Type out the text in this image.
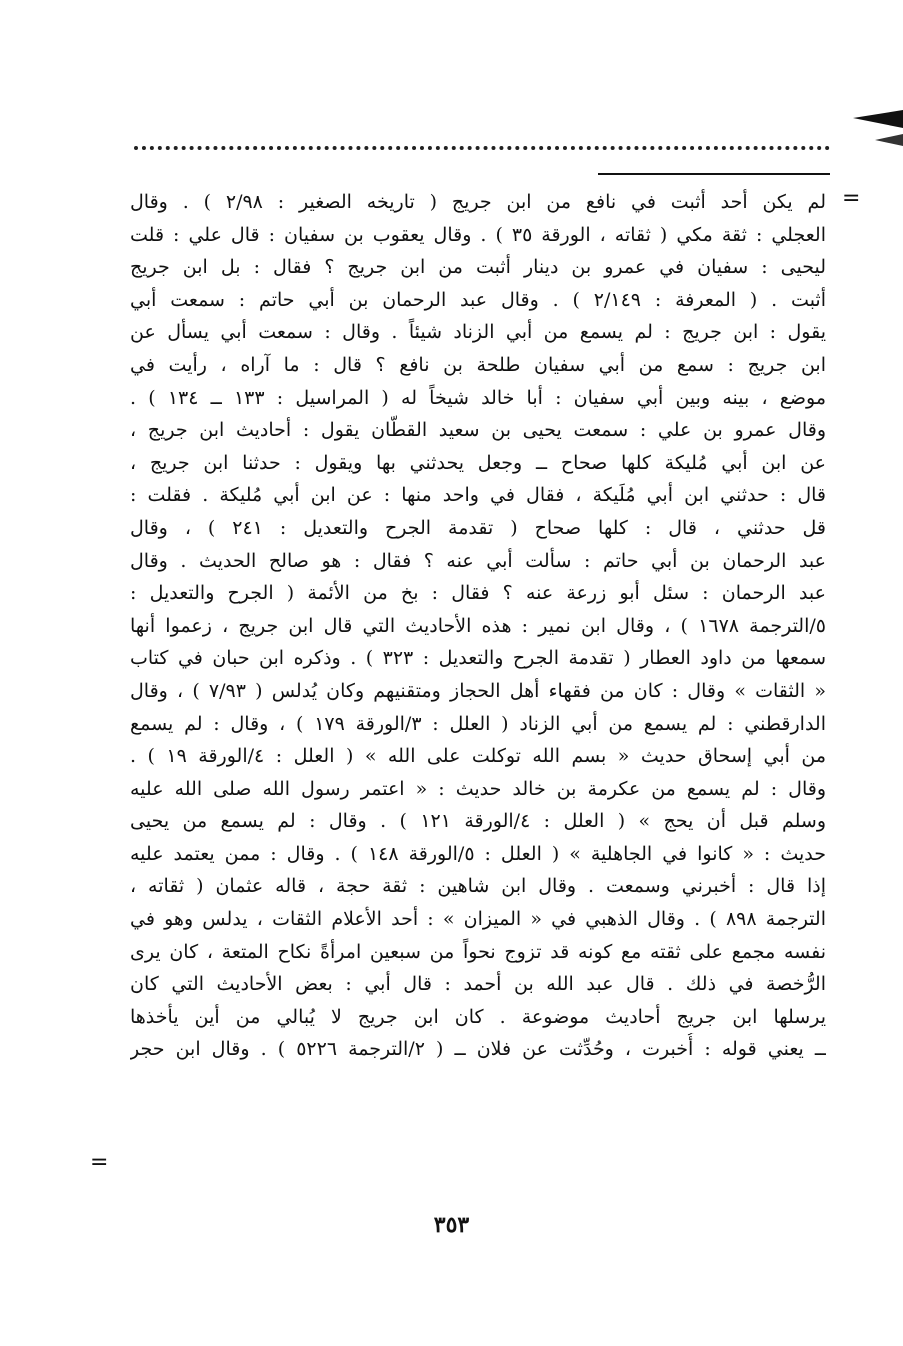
=
لم يكن أحد أثبت في نافع من ابن جريج ( تاريخه الصغير : ٢/٩٨ ) . وقال
العجلي : ثقة مكي ( ثقاته ، الورقة ٣٥ ) . وقال يعقوب بن سفيان : قال علي : قلت
ليحيى : سفيان في عمرو بن دينار أثبت من ابن جريج ؟ فقال : بل ابن جريج
أثبت . ( المعرفة : ٢/١٤٩ ) . وقال عبد الرحمان بن أبي حاتم : سمعت أبي
يقول : ابن جريج : لم يسمع من أبي الزناد شيئاً . وقال : سمعت أبي يسأل عن
ابن جريج : سمع من أبي سفيان طلحة بن نافع ؟ قال : ما آراه ، رأيت في
موضع ، بينه وبين أبي سفيان : أبا خالد شيخاً له ( المراسيل : ١٣٣ ــ ١٣٤ ) .
وقال عمرو بن علي : سمعت يحيى بن سعيد القطّان يقول : أحاديث ابن جريج ،
عن ابن أبي مُليكة كلها صحاح ــ وجعل يحدثني بها ويقول : حدثنا ابن جريج ،
قال : حدثني ابن أبي مُلَيكة ، فقال في واحد منها : عن ابن أبي مُليكة . فقلت :
قل حدثني ، قال : كلها صحاح ( تقدمة الجرح والتعديل : ٢٤١ ) ، وقال
عبد الرحمان بن أبي حاتم : سألت أبي عنه ؟ فقال : هو صالح الحديث . وقال
عبد الرحمان : سئل أبو زرعة عنه ؟ فقال : بخ من الأئمة ( الجرح والتعديل :
٥/الترجمة ١٦٧٨ ) ، وقال ابن نمير : هذه الأحاديث التي قال ابن جريج ، زعموا أنها
سمعها من داود العطار ( تقدمة الجرح والتعديل : ٣٢٣ ) . وذكره ابن حبان في كتاب
« الثقات » وقال : كان من فقهاء أهل الحجاز ومتقنيهم وكان يُدلس ( ٧/٩٣ ) ، وقال
الدارقطني : لم يسمع من أبي الزناد ( العلل : ٣/الورقة ١٧٩ ) ، وقال : لم يسمع
من أبي إسحاق حديث « بسم الله توكلت على الله » ( العلل : ٤/الورقة ١٩ ) .
وقال : لم يسمع من عكرمة بن خالد حديث : « اعتمر رسول الله صلى الله عليه
وسلم قبل أن يحج » ( العلل : ٤/الورقة ١٢١ ) . وقال : لم يسمع من يحيى
حديث : « كانوا في الجاهلية » ( العلل : ٥/الورقة ١٤٨ ) . وقال : ممن يعتمد عليه
إذا قال : أخبرني وسمعت . وقال ابن شاهين : ثقة حجة ، قاله عثمان ( ثقاته ،
الترجمة ٨٩٨ ) . وقال الذهبي في « الميزان » : أحد الأعلام الثقات ، يدلس وهو في
نفسه مجمع على ثقته مع كونه قد تزوج نحواً من سبعين امرأةً نكاح المتعة ، كان يرى
الرُّخصة في ذلك . قال عبد الله بن أحمد : قال أبي : بعض الأحاديث التي كان
يرسلها ابن جريج أحاديث موضوعة . كان ابن جريج لا يُبالي من أين يأخذها
ــ يعني قوله : أُخبرت ، وحُدِّثت عن فلان ــ ( ٢/الترجمة ٥٢٢٦ ) . وقال ابن حجر
=
٣٥٣
